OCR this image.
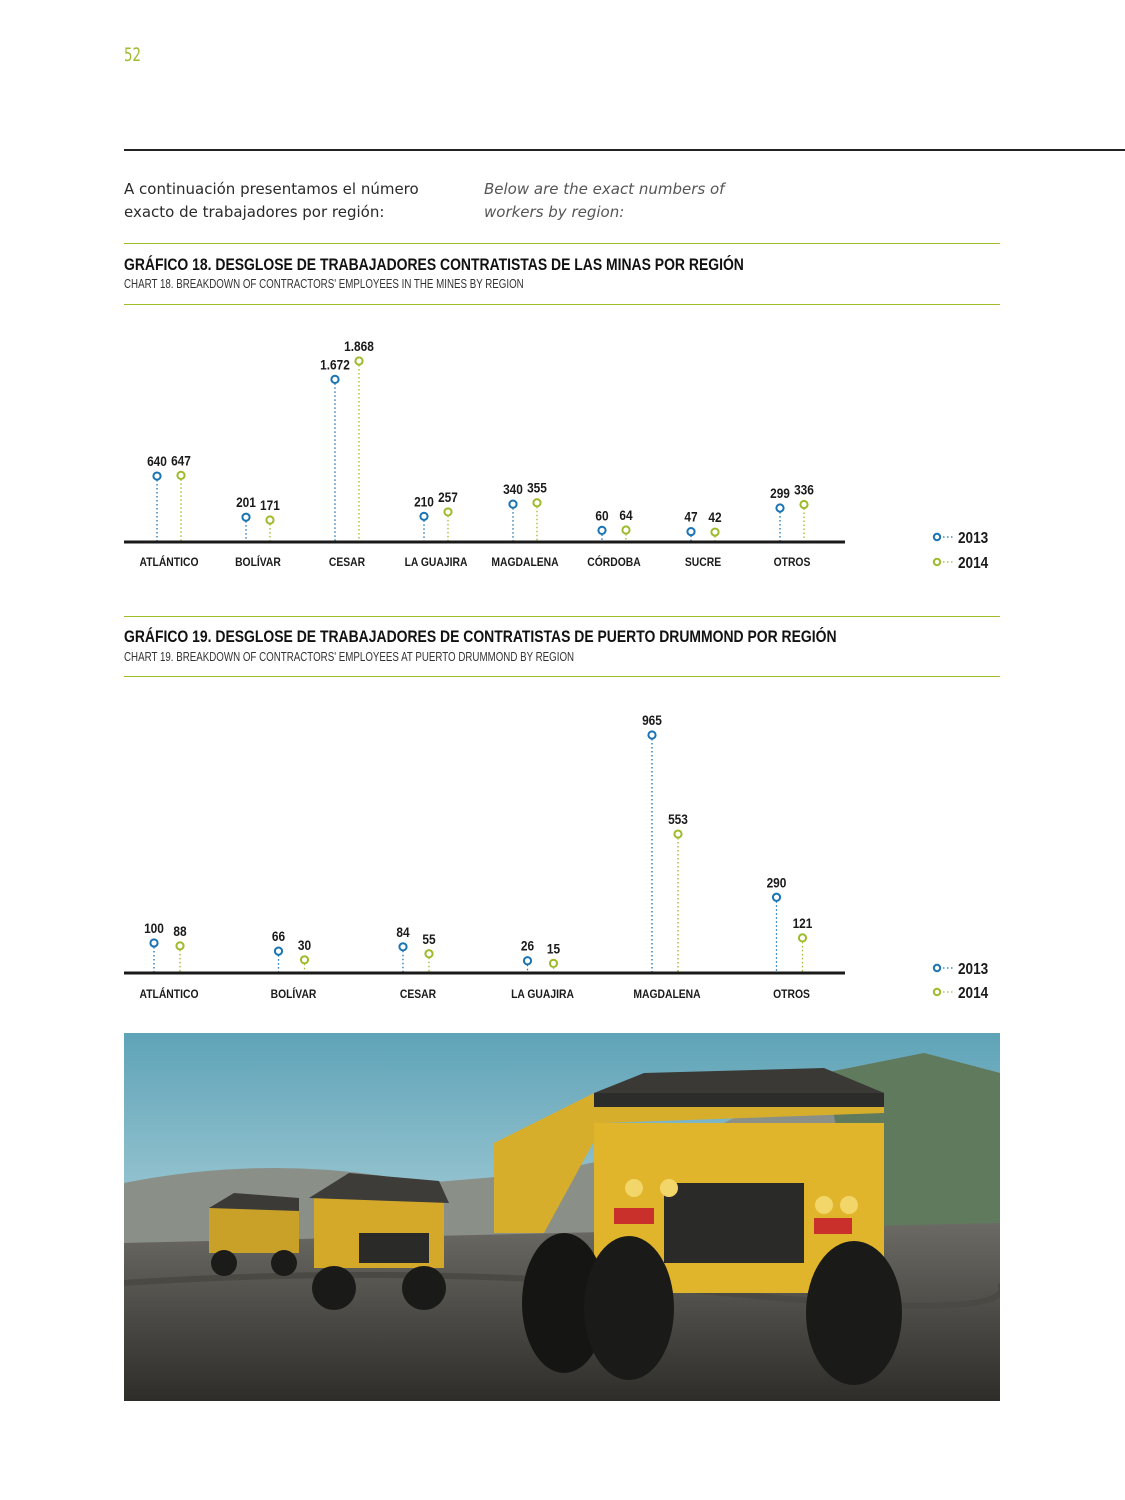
52
A continuación presentamos el número exacto de trabajadores por región:
Below are the exact numbers of workers by region:
GRÁFICO 18. DESGLOSE DE TRABAJADORES CONTRATISTAS DE LAS MINAS POR REGIÓN
CHART 18. BREAKDOWN OF CONTRACTORS' EMPLOYEES IN THE MINES BY REGION
640 647
ATLÁNTICO
201 171
BOLÍVAR
1.672
1.868
CESAR
210 257
LA GUAJIRA
340 355
MAGDALENA
60 64
CÓRDOBA
47 42
SUCRE
299 336
OTROS
2013
2014
GRÁFICO 19. DESGLOSE DE TRABAJADORES DE CONTRATISTAS DE PUERTO DRUMMOND POR REGIÓN
CHART 19. BREAKDOWN OF CONTRACTORS' EMPLOYEES AT PUERTO DRUMMOND BY REGION
100 88
ATLÁNTICO
66
30
BOLÍVAR
84 55
CESAR
26 15
LA GUAJIRA
965
553
MAGDALENA
290
121
OTROS
2013
2014
